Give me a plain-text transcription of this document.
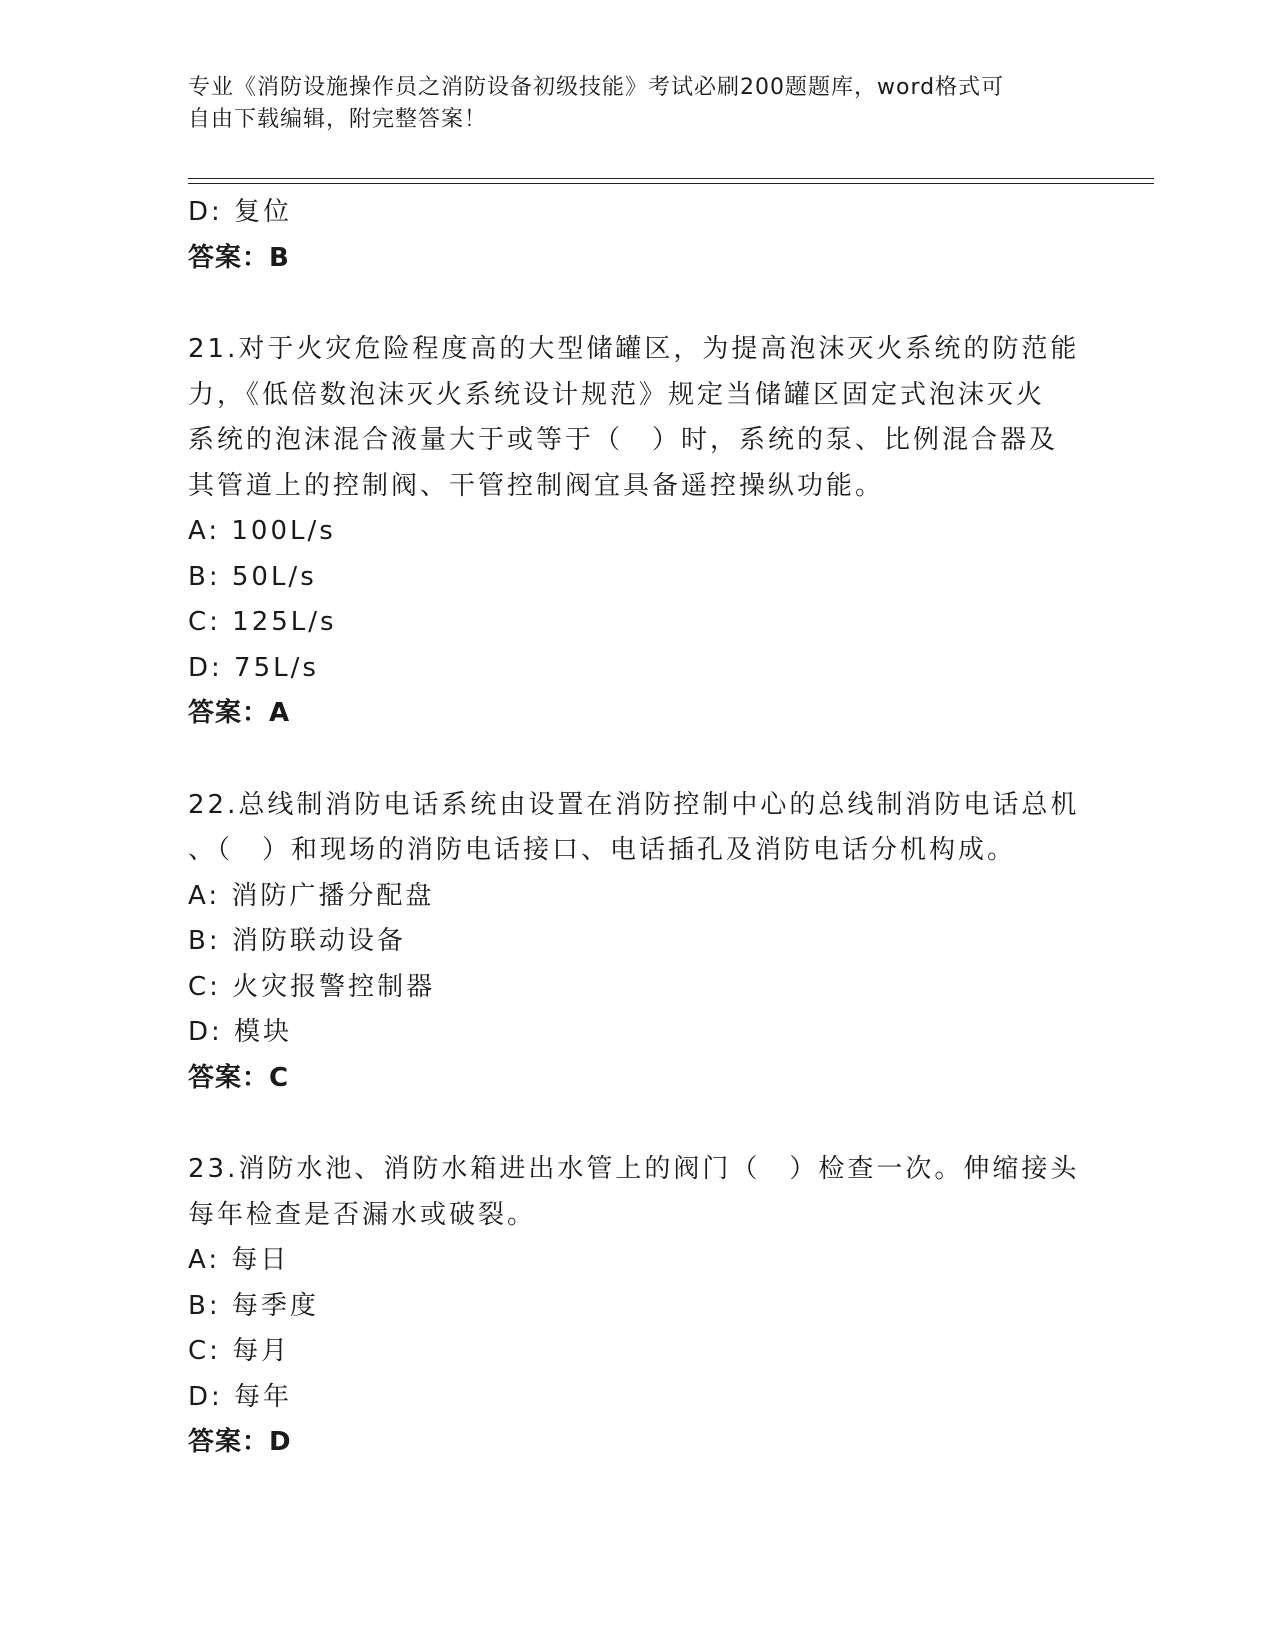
专业《消防设施操作员之消防设备初级技能》考试必刷200题题库，word格式可
自由下载编辑，附完整答案！
D: 复位
答案：B
21.对于火灾危险程度高的大型储罐区，为提高泡沫灭火系统的防范能
力，《低倍数泡沫灭火系统设计规范》规定当储罐区固定式泡沫灭火
系统的泡沫混合液量大于或等于（　）时，系统的泵、比例混合器及
其管道上的控制阀、干管控制阀宜具备遥控操纵功能。
A: 100L/s
B: 50L/s
C: 125L/s
D: 75L/s
答案：A
22.总线制消防电话系统由设置在消防控制中心的总线制消防电话总机
、（　）和现场的消防电话接口、电话插孔及消防电话分机构成。
A: 消防广播分配盘
B: 消防联动设备
C: 火灾报警控制器
D: 模块
答案：C
23.消防水池、消防水箱进出水管上的阀门（　）检查一次。伸缩接头
每年检查是否漏水或破裂。
A: 每日
B: 每季度
C: 每月
D: 每年
答案：D
